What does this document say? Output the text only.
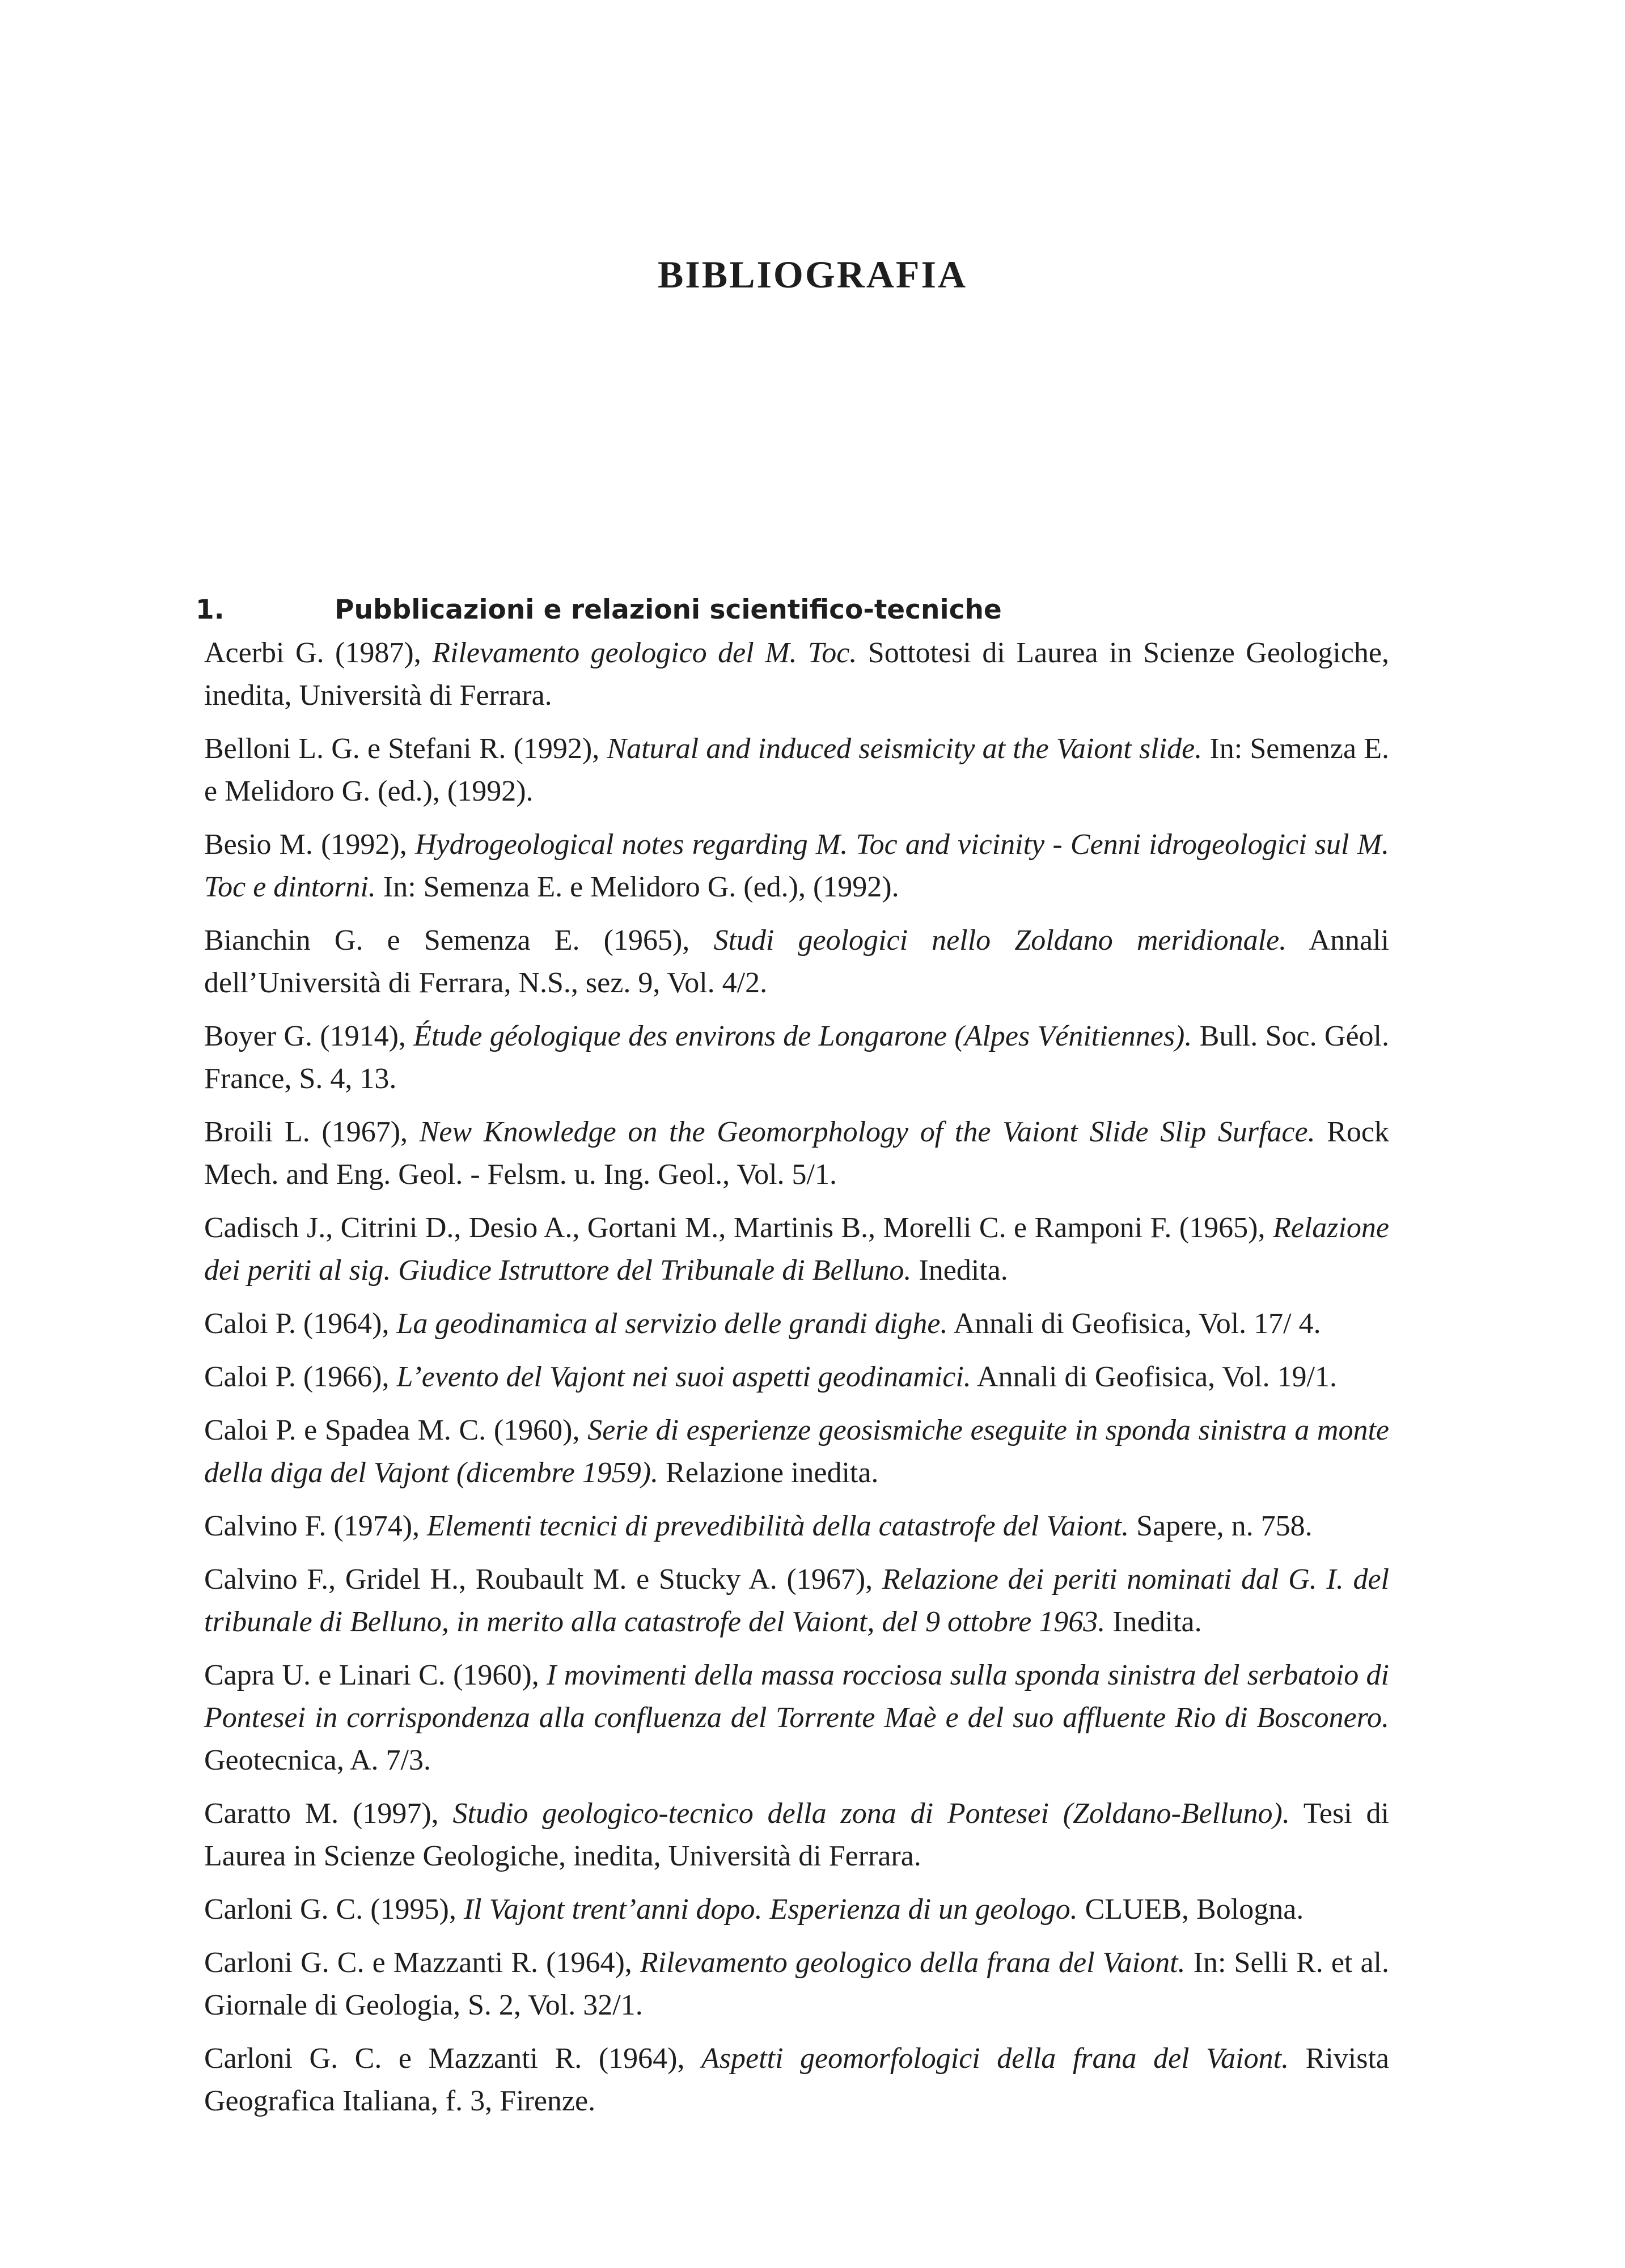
BIBLIOGRAFIA
1.	Pubblicazioni e relazioni scientifico-tecniche
Acerbi G. (1987), Rilevamento geologico del M. Toc. Sottotesi di Laurea in Scienze Geologiche, inedita, Università di Ferrara.
Belloni L. G. e Stefani R. (1992), Natural and induced seismicity at the Vaiont slide. In: Semenza E. e Melidoro G. (ed.), (1992).
Besio M. (1992), Hydrogeological notes regarding M. Toc and vicinity - Cenni idrogeologici sul M. Toc e dintorni. In: Semenza E. e Melidoro G. (ed.), (1992).
Bianchin G. e Semenza E. (1965), Studi geologici nello Zoldano meridionale. Annali dell’Università di Ferrara, N.S., sez. 9, Vol. 4/2.
Boyer G. (1914), Étude géologique des environs de Longarone (Alpes Vénitiennes). Bull. Soc. Géol. France, S. 4, 13.
Broili L. (1967), New Knowledge on the Geomorphology of the Vaiont Slide Slip Surface. Rock Mech. and Eng. Geol. - Felsm. u. Ing. Geol., Vol. 5/1.
Cadisch J., Citrini D., Desio A., Gortani M., Martinis B., Morelli C. e Ramponi F. (1965), Relazione dei periti al sig. Giudice Istruttore del Tribunale di Belluno. Inedita.
Caloi P. (1964), La geodinamica al servizio delle grandi dighe. Annali di Geofisica, Vol. 17/ 4.
Caloi P. (1966), L’evento del Vajont nei suoi aspetti geodinamici. Annali di Geofisica, Vol. 19/1.
Caloi P. e Spadea M. C. (1960), Serie di esperienze geosismiche eseguite in sponda sinistra a monte della diga del Vajont (dicembre 1959). Relazione inedita.
Calvino F. (1974), Elementi tecnici di prevedibilità della catastrofe del Vaiont. Sapere, n. 758.
Calvino F., Gridel H., Roubault M. e Stucky A. (1967), Relazione dei periti nominati dal G. I. del tribunale di Belluno, in merito alla catastrofe del Vaiont, del 9 ottobre 1963. Inedita.
Capra U. e Linari C. (1960), I movimenti della massa rocciosa sulla sponda sinistra del serbatoio di Pontesei in corrispondenza alla confluenza del Torrente Maè e del suo affluente Rio di Bosconero. Geotecnica, A. 7/3.
Caratto M. (1997), Studio geologico-tecnico della zona di Pontesei (Zoldano-Belluno). Tesi di Laurea in Scienze Geologiche, inedita, Università di Ferrara.
Carloni G. C. (1995), Il Vajont trent’anni dopo. Esperienza di un geologo. CLUEB, Bologna.
Carloni G. C. e Mazzanti R. (1964), Rilevamento geologico della frana del Vaiont. In: Selli R. et al. Giornale di Geologia, S. 2, Vol. 32/1.
Carloni G. C. e Mazzanti R. (1964), Aspetti geomorfologici della frana del Vaiont. Rivista Geografica Italiana, f. 3, Firenze.
